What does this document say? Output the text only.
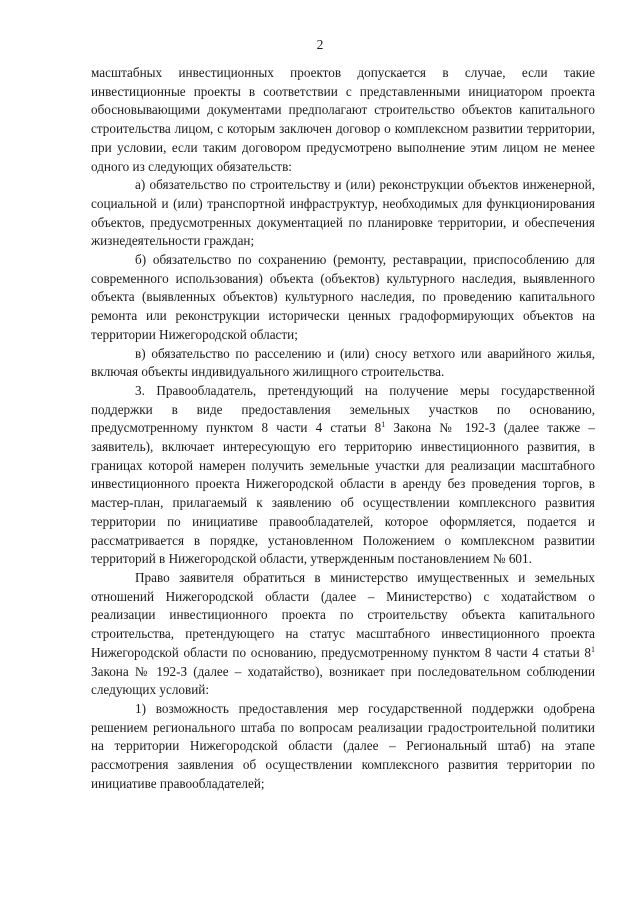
2

масштабных инвестиционных проектов допускается в случае, если такие инвестиционные проекты в соответствии с представленными инициатором проекта обосновывающими документами предполагают строительство объектов капитального строительства лицом, с которым заключен договор о комплексном развитии территории, при условии, если таким договором предусмотрено выполнение этим лицом не менее одного из следующих обязательств:

а) обязательство по строительству и (или) реконструкции объектов инженерной, социальной и (или) транспортной инфраструктур, необходимых для функционирования объектов, предусмотренных документацией по планировке территории, и обеспечения жизнедеятельности граждан;

б) обязательство по сохранению (ремонту, реставрации, приспособлению для современного использования) объекта (объектов) культурного наследия, выявленного объекта (выявленных объектов) культурного наследия, по проведению капитального ремонта или реконструкции исторически ценных градоформирующих объектов на территории Нижегородской области;

в) обязательство по расселению и (или) сносу ветхого или аварийного жилья, включая объекты индивидуального жилищного строительства.

3. Правообладатель, претендующий на получение меры государственной поддержки в виде предоставления земельных участков по основанию, предусмотренному пунктом 8 части 4 статьи $8^1$ Закона № 192-З (далее также – заявитель), включает интересующую его территорию инвестиционного развития, в границах которой намерен получить земельные участки для реализации масштабного инвестиционного проекта Нижегородской области в аренду без проведения торгов, в мастер-план, прилагаемый к заявлению об осуществлении комплексного развития территории по инициативе правообладателей, которое оформляется, подается и рассматривается в порядке, установленном Положением о комплексном развитии территорий в Нижегородской области, утвержденным постановлением № 601.

Право заявителя обратиться в министерство имущественных и земельных отношений Нижегородской области (далее – Министерство) с ходатайством о реализации инвестиционного проекта по строительству объекта капитального строительства, претендующего на статус масштабного инвестиционного проекта Нижегородской области по основанию, предусмотренному пунктом 8 части 4 статьи $8^1$ Закона № 192-З (далее – ходатайство), возникает при последовательном соблюдении следующих условий:

1) возможность предоставления мер государственной поддержки одобрена решением регионального штаба по вопросам реализации градостроительной политики на территории Нижегородской области (далее – Региональный штаб) на этапе рассмотрения заявления об осуществлении комплексного развития территории по инициативе правообладателей;
